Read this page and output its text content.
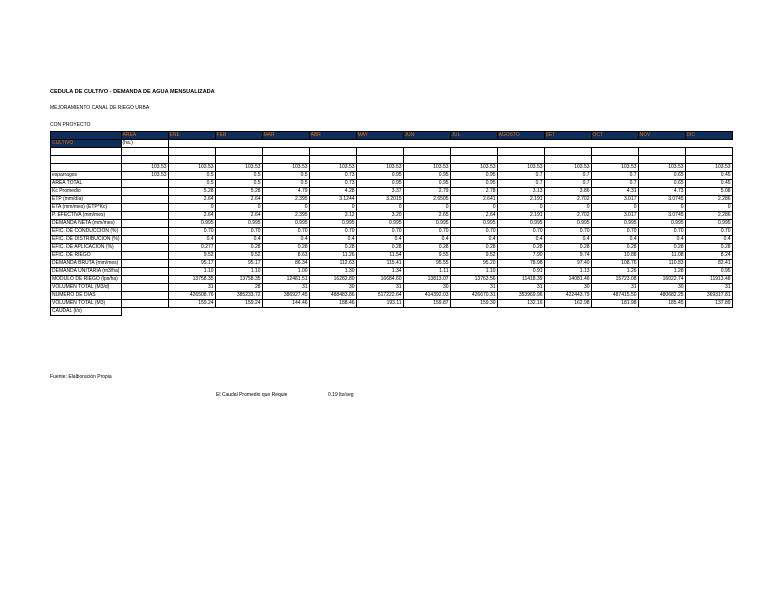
CEDULA DE CULTIVO - DEMANDA DE AGUA MENSUALIZADA
MEJORAMIENTO CANAL DE RIEGO URBA
CON PROYECTO
	AREA	ENE	FEB	MAR	ABR	MAY	JUN	JUL	AGOSTO	SET	OCT	NOV	DIC
CULTIVO	(ha.)												

	103.53	103.53	103.53	103.53	103.53	103.53	103.53	103.53	103.53	103.53	103.53	103.53	103.53
esparragos	103.53	0.5	0.5	0.5	0.73	0.95	0.95	0.95	0.7	0.7	0.7	0.65	0.45
AREA TOTAL		0.5	0.5	0.5	0.73	0.95	0.95	0.95	0.7	0.7	0.7	0.65	0.45
Kc Promedio		5.28	5.28	4.79	4.28	3.37	2.79	2.78	3.13	3.86	4.31	4.73	5.08
ETP (mm/día)		2.64	2.64	2.395	3.1244	3.2015	2.6505	2.641	2.191	2.702	3.017	3.0745	2.286
ETA (mm/mes) (ETP*Kc)		0	0	0	0	0	0	0	0	0	0	0	0
P. EFECTIVA (mm/mes)		2.64	2.64	2.395	3.12	3.20	2.65	2.64	2.191	2.702	3.017	3.0745	2.286
DEMANDA NETA (mm/mes)		0.995	0.995	0.995	0.995	0.995	0.995	0.995	0.995	0.995	0.995	0.995	0.995
EFIC. DE CONDUCCIÓN (%)		0.70	0.70	0.70	0.70	0.70	0.70	0.70	0.70	0.70	0.70	0.70	0.70
EFIC. DE DISTRIBUCION (%)		0.4	0.4	0.4	0.4	0.4	0.4	0.4	0.4	0.4	0.4	0.4	0.4
EFIC. DE APLICACION (%)		0.277	0.28	0.28	0.28	0.28	0.28	0.28	0.28	0.28	0.28	0.28	0.28
EFIC. DE RIEGO		9.52	9.52	8.63	11.26	11.54	9.55	9.52	7.90	9.74	10.88	11.08	8.24
DEMANDA BRUTA (mm/mes)		95.17	95.17	86.34	112.63	115.41	95.55	95.20	78.98	97.40	108.76	110.83	82.41
DEMANDA UNITARIA (m3/ha)		1.10	1.10	1.00	1.30	1.34	1.11	1.10	0.91	1.13	1.26	1.28	0.95
MODULO DE RIEGO (lps/ha)		13758.35	13758.35	12481.51	16282.80	16684.60	13813.07	13763.56	11418.39	14081.46	15723.08	16022.74	11913.48
VOLUMEN TOTAL (M3/d)		31	28	31	30	31	30	31	31	30	31	30	31
NUMERO DE DIAS		426508.76	385233.72	386927.45	488483.86	517222.64	414392.03	426670.31	353969.96	422443.79	487415.50	480682.25	369317.81
VOLUMEN TOTAL (M3)		159.24	159.24	144.46	188.46	193.11	159.87	159.30	132.16	162.98	181.98	185.45	137.89
CAUDAL (l/s)													
Fuente: Elalboración Propia
El Caudal Promedio que Requie	0.19 lts/seg
